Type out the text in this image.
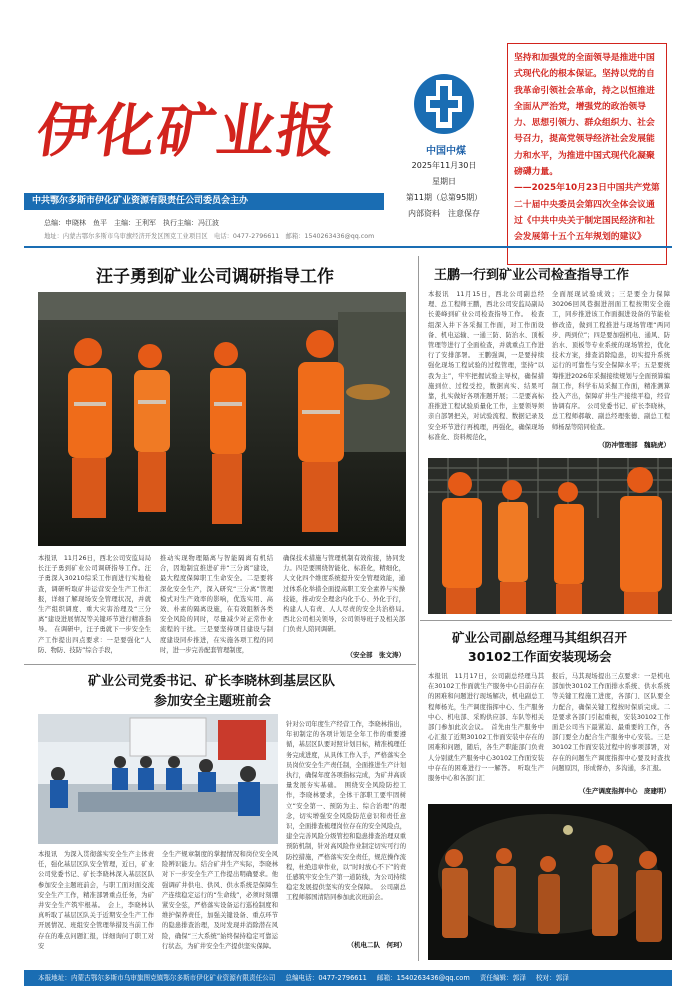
伊化矿业报	中国中煤
2025年11月30日
星期日
第11期（总第95期）
内部资料　注意保存
坚持和加强党的全面领导是推进中国式现代化的根本保证。坚持以党的自我革命引领社会革命，持之以恒推进全面从严治党，增强党的政治领导力、思想引领力、群众组织力、社会号召力，提高党领导经济社会发展能力和水平，为推进中国式现代化凝聚磅礴力量。
——2025年10月23日中国共产党第二十届中央委员会第四次全体会议通过《中共中央关于制定国民经济和社会发展第十五个五年规划的建议》
中共鄂尔多斯市伊化矿业资源有限责任公司委员会主办
总编：申晓林　鱼平　主编：王利军　执行主编：冯江波
地址：内蒙古鄂尔多斯市乌审旗经济开发区图克工业项目区　电话：0477-2796611　邮箱：1540263436@qq.com
汪子勇到矿业公司调研指导工作
本报讯　11月26日，西北公司安监局局长汪子勇到矿业公司调研指导工作。汪子勇深入30210综采工作面进行实地检查，调研听取矿井运营安全生产工作汇报，详细了解现场安全管理状况，并就生产组织调度、重大灾害治理及“三分离”建设进展情况等关键环节进行精准指导。　在调研中，汪子勇就下一步安全生产工作提出四点要求：一是要强化“人防、物防、技防”综合手段，
推动实现物理隔离与智能隔离有机结合，因地制宜推进矿井“三分离”建设，最大程度保障职工生命安全。二是要将深化安全生产，深入研究“三分离”管理模式对生产效率的影响，优选实用、高效、朴素的隔离设施，在有效阻断各类安全风险的同时，尽量减少对正常作业流程的干扰。三是要坚持项目建设与制度建设同步推进，在实施各项工程的同时，进一步完善配套管理制度，
确保技术措施与管理机制有效衔接，协同发力。四是要围绕智能化、标准化，精细化，人文化四个维度系统提升安全管理效能，通过体系化举措全面提高职工安全素养与实操技能，推动安全理念内化于心、外化于行，构建人人有责、人人尽责的安全共治格局。　西北公司相关领导，公司领导班子及相关部门负责人陪同调研。
（安全部　张文涛）
矿业公司党委书记、矿长李晓林到基层区队
参加安全主题班前会
本报讯　为深入贯彻落实安全生产主体责任，强化基层区队安全管理，近日，矿业公司党委书记、矿长李晓林深入基层区队参加安全主题班前会，与职工面对面交流安全生产工作，精准部署重点任务，为矿井安全生产筑牢根基。　会上，李晓林认真听取了基层区队关于近期安全生产工作开展情况、班组安全管理举措及当前工作存在的难点问题汇报，详细询问了职工对安
全生产规章制度的掌握情况和岗位安全风险辨识能力。结合矿井生产实际，李晓林对下一步安全生产工作提出明确要求。他强调矿井供电、供风、供水系统是保障生产连续稳定运行的“生命线”，必须时刻绷紧安全弦，严格落实设备运行巡检制度和维护保养责任，加强关键设备、重点环节的隐患排查治理，及时发现并消除潜在风险，确保“三大系统”始终保持稳定可靠运行状态，为矿井安全生产提供坚实保障。
针对公司年度生产经营工作，李晓林指出，年初制定的各项计划是全年工作的重要遵循，基层区队要对照计划目标，精准梳理任务完成进度，从具体工作入手，严格落实全员岗位安全生产责任制，全面推进生产计划执行，确保年度各项指标完成，为矿井高质量发展夯实基础。　围绕安全风险防控工作，李晓林要求，全体干部职工要牢固树立“安全第一、预防为主、综合治理”的理念，切实增强安全风险防范意识和责任意识，全面排查梳理岗位存在的安全风险点，建全完善风险分级管控和隐患排查治理双重预防机制，针对高风险作业制定切实可行的防控措施，严格落实安全责任，规范操作流程，杜绝违章作业，以“时时放心不下”的责任感筑牢安全生产第一道防线，为公司持续稳定发展提供坚实的安全保障。　公司副总工程师郝国清陪同参加此次班前会。
（机电二队　何珂）
王鹏一行到矿业公司检查指导工作
本报讯　11月15日，西北公司副总经理、总工程师王鹏，西北公司安监局副局长姜峰到矿业公司检查指导工作。　检查组深入井下各采掘工作面，对工作面设备、机电运输、一通三防、防治水、顶板管理等进行了全面检查，并就重点工作进行了安排部署。　王鹏强调，一是要持续强化现场工程试验的过程管理，坚持“以我为主”，牢牢把握试验主导权，确保措施到位、过程受控，数据真实、结果可靠，扎实做好各项准题开展；二是要高标准推进工程试验质量化工作，主要领导须亲自部署把关，对试验流程、数据记录及安全环节进行再梳理，再强化，确保现场标准化、资料规范化，
全面展现试验成效；三是要全力保障30206回风巷掘进剖面工程按期安全施工，同步推进该工作面掘进设备的节能检修改造，做到工程推进与现场管理“两同步、两到位”；四是要加强机电、通风、防治水、顶板等专业系统的现场管控，优化技术方案，排查消除隐患，切实提升系统运行的可靠性与安全保障水平；五是要统筹推进2026年采掘接续规划与全面预算编制工作，科学布局采掘工作面，精准测算投入产出，保障矿井生产接续平稳，经营协调有序。　公司党委书记、矿长李晓林，总工程师郝敏、副总经理张德、副总工程师杨磊等陪同检查。
（防冲管理部　魏晓虎）
矿业公司副总经理马其组织召开
30102工作面安装现场会
本报讯　11月17日，公司副总经理马其在30102工作面就生产服务中心目前存在的困难和问题进行现场解决，机电副总工程师杨光，生产调度指挥中心、生产服务中心、机电部、采购供应部、车队等相关部门参加此次会议。　首先由生产服务中心汇报了近期30102工作面安装中存在的困难和问题，随后，各生产职能部门负责人分别就生产服务中心30102工作面安装中存在的困难进行一一解答。　听取生产服务中心和各部门汇
报后，马其现场提出三点要求：一是机电部加快30102工作面排水系统、供水系统等关键工程施工进度，各部门、区队要全力配合，确保关键工程按时保质完成。二是要求各部门引起重视，安装30102工作面是公司当下最紧迫、最重要的工作，各部门要全力配合生产服务中心安装。三是30102工作面安装过程中的事项部署，对存在的问题生产调度指挥中心要及时查找问题原因，形成督办，多沟通，多汇报。
（生产调度指挥中心　庞建明）
本报地址：内蒙古鄂尔多斯市乌审旗图克镇鄂尔多斯市伊化矿业资源有限责任公司 总编电话：0477-2796611 邮箱：1540263436@qq.com 责任编辑：郭泽 校对：郭泽
